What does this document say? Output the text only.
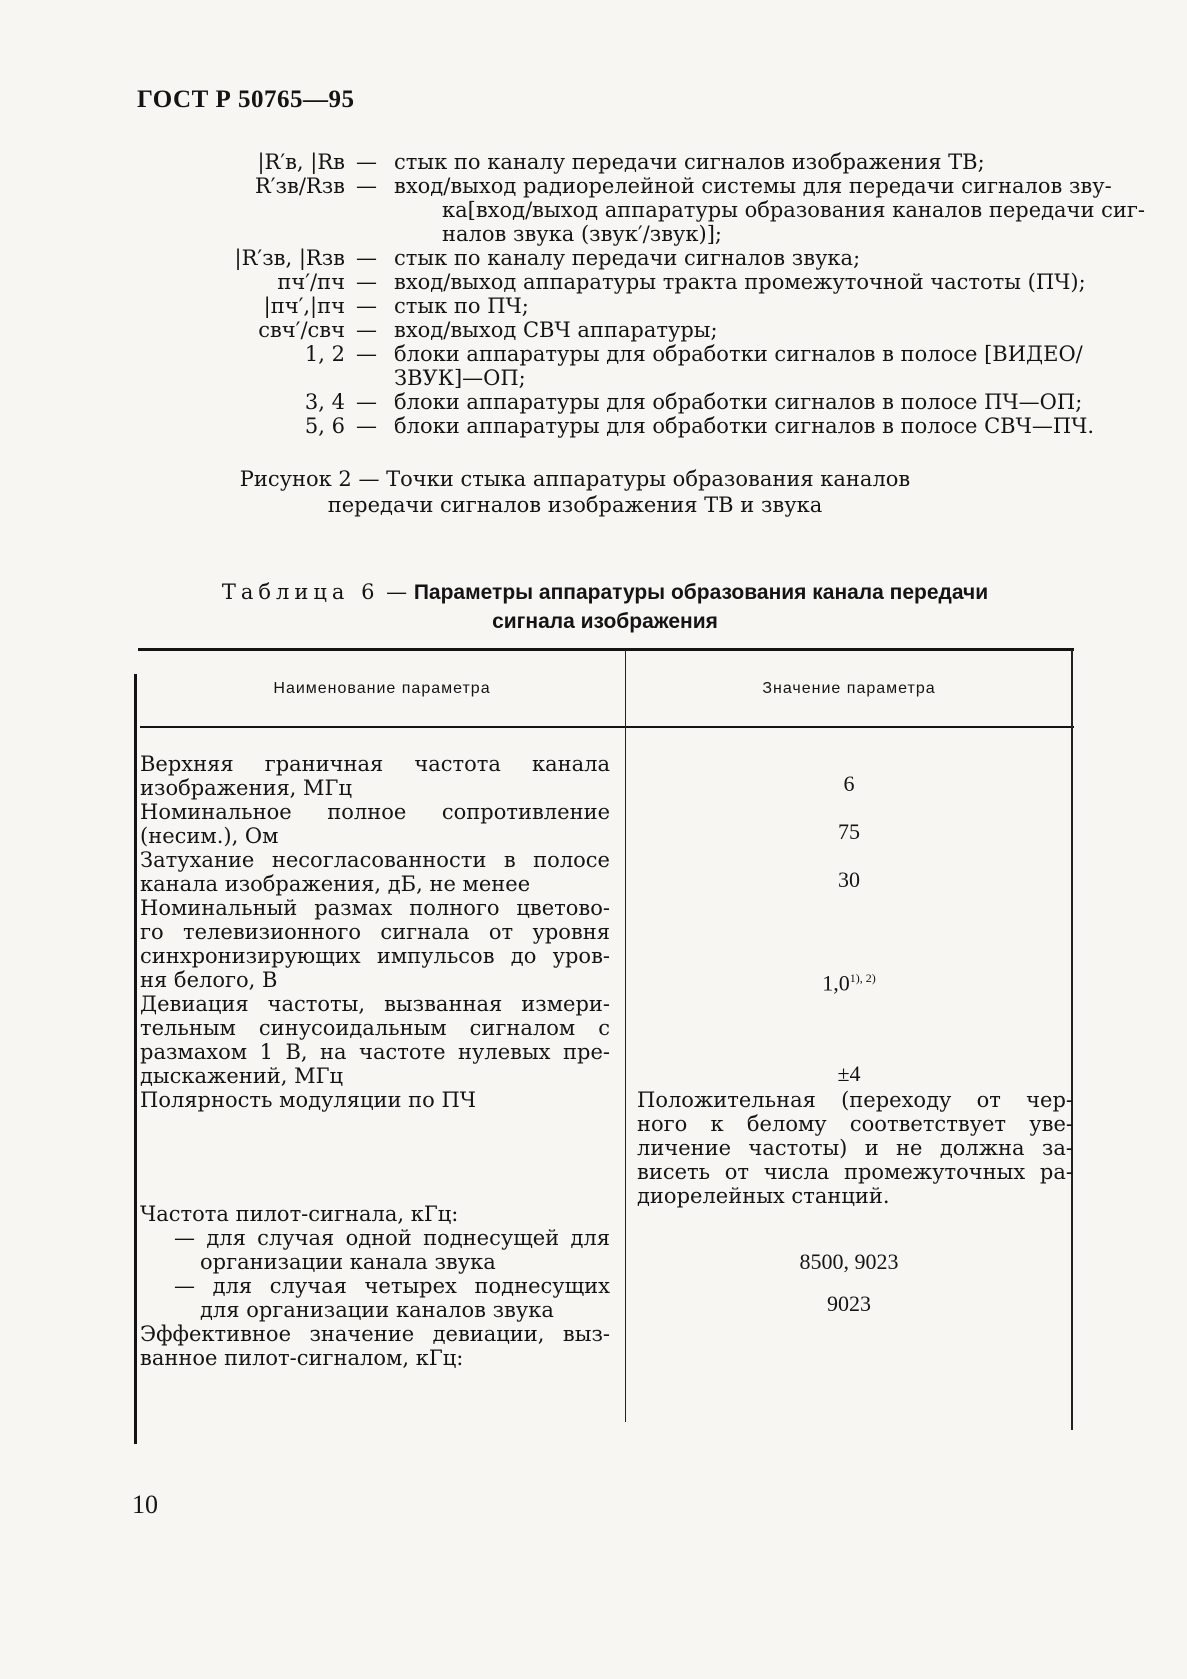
ГОСТ Р 50765—95
|R′в, |Rв — стык по каналу передачи сигналов изображения ТВ;
R′зв/Rзв — вход/выход радиорелейной системы для передачи сигналов зву-
ка[вход/выход аппаратуры образования каналов передачи сиг-
налов звука (звук′/звук)];
|R′зв, |Rзв — стык по каналу передачи сигналов звука;
пч′/пч — вход/выход аппаратуры тракта промежуточной частоты (ПЧ);
|пч′,|пч — стык по ПЧ;
свч′/свч — вход/выход СВЧ аппаратуры;
1, 2 — блоки аппаратуры для обработки сигналов в полосе [ВИДЕО/
ЗВУК]—ОП;
3, 4 — блоки аппаратуры для обработки сигналов в полосе ПЧ—ОП;
5, 6 — блоки аппаратуры для обработки сигналов в полосе СВЧ—ПЧ.
Рисунок 2 — Точки стыка аппаратуры образования каналов
передачи сигналов изображения ТВ и звука
Таблица 6 — Параметры аппаратуры образования канала передачи
сигнала изображения
Наименование параметра	Значение параметра
Верхняя граничная частота канала
изображения, МГц	6
Номинальное полное сопротивление
(несим.), Ом	75
Затухание несогласованности в полосе
канала изображения, дБ, не менее	30
Номинальный размах полного цветово-
го телевизионного сигнала от уровня
синхронизирующих импульсов до уров-
ня белого, В	$1,0^{1), 2)}$
Девиация частоты, вызванная измери-
тельным синусоидальным сигналом с
размахом 1 В, на частоте нулевых пре-
дыскажений, МГц	±4
Полярность модуляции по ПЧ	Положительная (переходу от чер-
ного к белому соответствует уве-
личение частоты) и не должна за-
висеть от числа промежуточных ра-
диорелейных станций.
Частота пилот-сигнала, кГц:
— для случая одной поднесущей для
организации канала звука	8500, 9023
— для случая четырех поднесущих
для организации каналов звука	9023
Эффективное значение девиации, выз-
ванное пилот-сигналом, кГц:
10
